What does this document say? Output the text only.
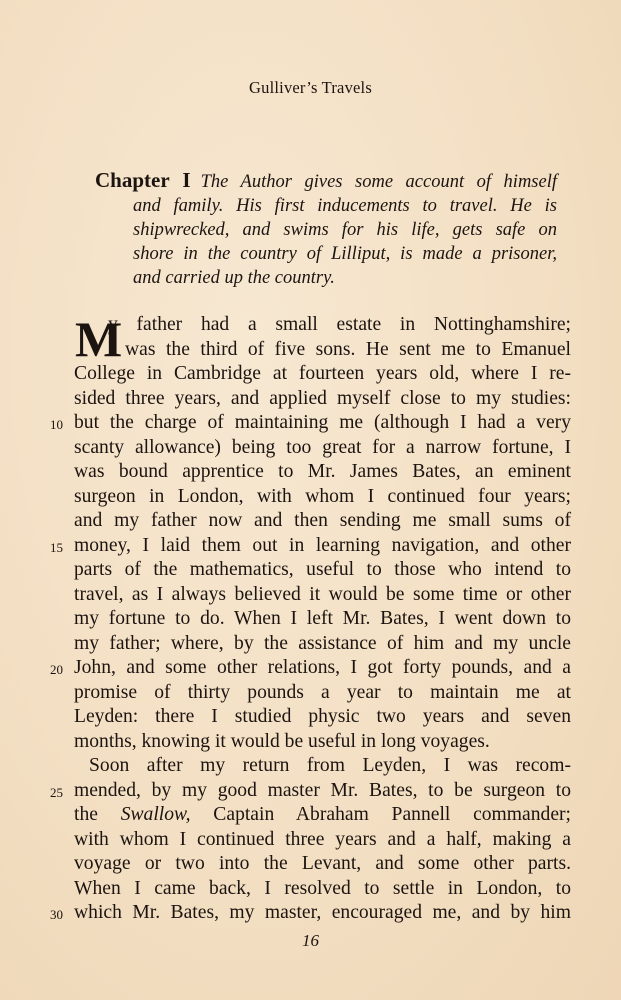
Gulliver’s Travels
Chapter I The Author gives some account of himself
and family. His first inducements to travel. He is
shipwrecked, and swims for his life, gets safe on
shore in the country of Lilliput, is made a prisoner,
and carried up the country.
M
y father had a small estate in Nottinghamshire;
I was the third of five sons. He sent me to Emanuel
College in Cambridge at fourteen years old, where I re-
sided three years, and applied myself close to my studies:
10 but the charge of maintaining me (although I had a very
scanty allowance) being too great for a narrow fortune, I
was bound apprentice to Mr. James Bates, an eminent
surgeon in London, with whom I continued four years;
and my father now and then sending me small sums of
15 money, I laid them out in learning navigation, and other
parts of the mathematics, useful to those who intend to
travel, as I always believed it would be some time or other
my fortune to do. When I left Mr. Bates, I went down to
my father; where, by the assistance of him and my uncle
20 John, and some other relations, I got forty pounds, and a
promise of thirty pounds a year to maintain me at
Leyden: there I studied physic two years and seven
months, knowing it would be useful in long voyages.
Soon after my return from Leyden, I was recom-
25 mended, by my good master Mr. Bates, to be surgeon to
the Swallow, Captain Abraham Pannell commander;
with whom I continued three years and a half, making a
voyage or two into the Levant, and some other parts.
When I came back, I resolved to settle in London, to
30 which Mr. Bates, my master, encouraged me, and by him
16
